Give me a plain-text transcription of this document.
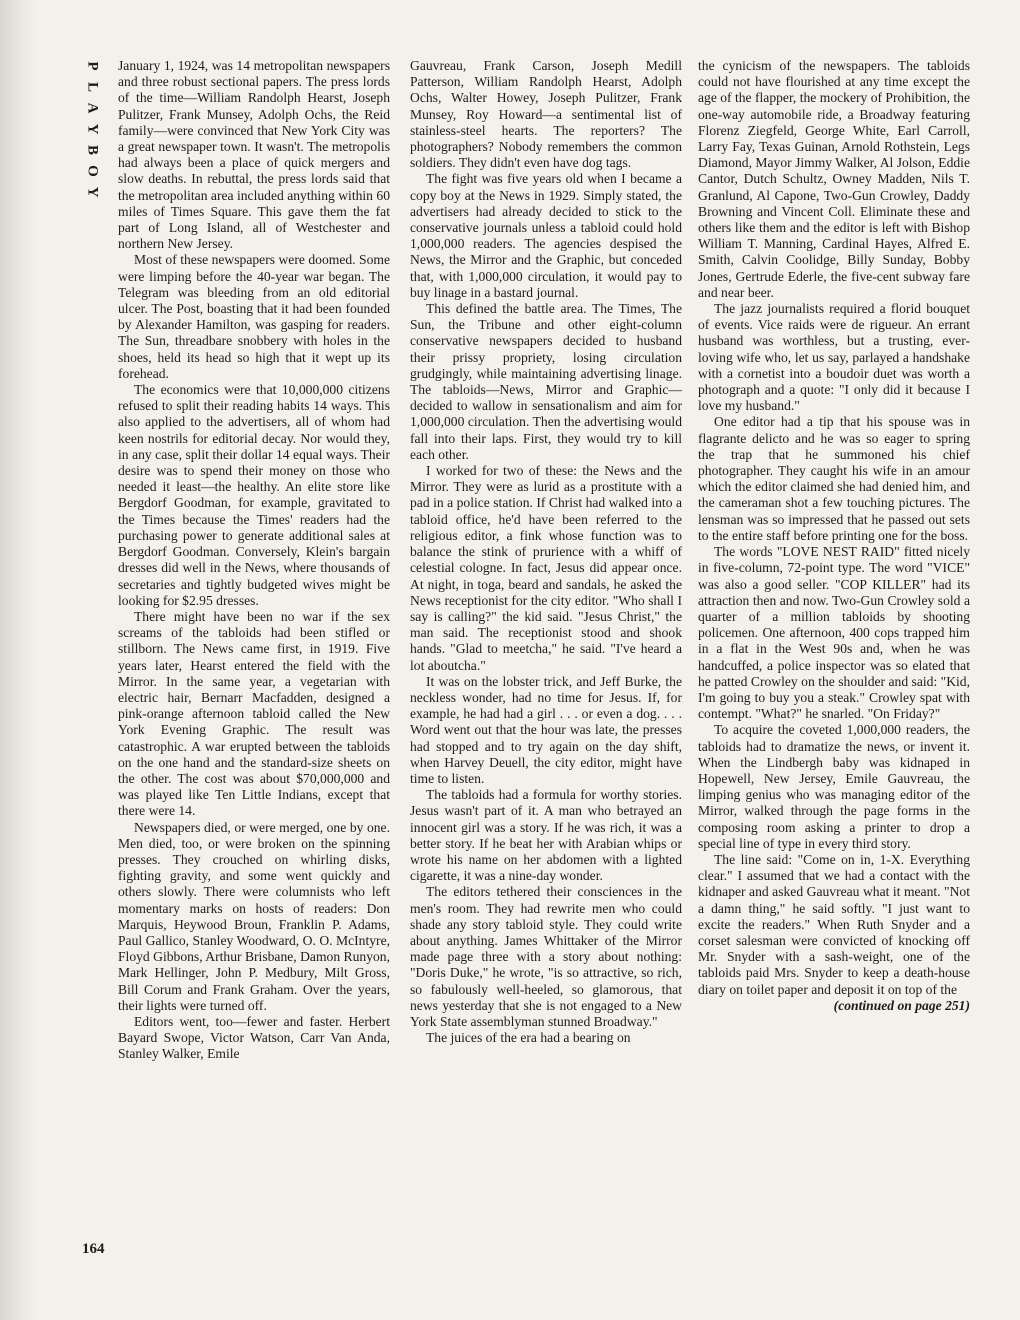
P
L
A
Y
B
O
Y

January 1, 1924, was 14 metropolitan newspapers and three robust sectional papers. The press lords of the time—William Randolph Hearst, Joseph Pulitzer, Frank Munsey, Adolph Ochs, the Reid family—were convinced that New York City was a great newspaper town. It wasn't. The metropolis had always been a place of quick mergers and slow deaths. In rebuttal, the press lords said that the metropolitan area included anything within 60 miles of Times Square. This gave them the fat part of Long Island, all of Westchester and northern New Jersey.

Most of these newspapers were doomed. Some were limping before the 40-year war began. The Telegram was bleeding from an old editorial ulcer. The Post, boasting that it had been founded by Alexander Hamilton, was gasping for readers. The Sun, threadbare snobbery with holes in the shoes, held its head so high that it wept up its forehead.

The economics were that 10,000,000 citizens refused to split their reading habits 14 ways. This also applied to the advertisers, all of whom had keen nostrils for editorial decay. Nor would they, in any case, split their dollar 14 equal ways. Their desire was to spend their money on those who needed it least—the healthy. An elite store like Bergdorf Goodman, for example, gravitated to the Times because the Times' readers had the purchasing power to generate additional sales at Bergdorf Goodman. Conversely, Klein's bargain dresses did well in the News, where thousands of secretaries and tightly budgeted wives might be looking for $2.95 dresses.

There might have been no war if the sex screams of the tabloids had been stifled or stillborn. The News came first, in 1919. Five years later, Hearst entered the field with the Mirror. In the same year, a vegetarian with electric hair, Bernarr Macfadden, designed a pink-orange afternoon tabloid called the New York Evening Graphic. The result was catastrophic. A war erupted between the tabloids on the one hand and the standard-size sheets on the other. The cost was about $70,000,000 and was played like Ten Little Indians, except that there were 14.

Newspapers died, or were merged, one by one. Men died, too, or were broken on the spinning presses. They crouched on whirling disks, fighting gravity, and some went quickly and others slowly. There were columnists who left momentary marks on hosts of readers: Don Marquis, Heywood Broun, Franklin P. Adams, Paul Gallico, Stanley Woodward, O. O. McIntyre, Floyd Gibbons, Arthur Brisbane, Damon Runyon, Mark Hellinger, John P. Medbury, Milt Gross, Bill Corum and Frank Graham. Over the years, their lights were turned off.

Editors went, too—fewer and faster. Herbert Bayard Swope, Victor Watson, Carr Van Anda, Stanley Walker, Emile

Gauvreau, Frank Carson, Joseph Medill Patterson, William Randolph Hearst, Adolph Ochs, Walter Howey, Joseph Pulitzer, Frank Munsey, Roy Howard—a sentimental list of stainless-steel hearts. The reporters? The photographers? Nobody remembers the common soldiers. They didn't even have dog tags.

The fight was five years old when I became a copy boy at the News in 1929. Simply stated, the advertisers had already decided to stick to the conservative journals unless a tabloid could hold 1,000,000 readers. The agencies despised the News, the Mirror and the Graphic, but conceded that, with 1,000,000 circulation, it would pay to buy linage in a bastard journal.

This defined the battle area. The Times, The Sun, the Tribune and other eight-column conservative newspapers decided to husband their prissy propriety, losing circulation grudgingly, while maintaining advertising linage. The tabloids—News, Mirror and Graphic—decided to wallow in sensationalism and aim for 1,000,000 circulation. Then the advertising would fall into their laps. First, they would try to kill each other.

I worked for two of these: the News and the Mirror. They were as lurid as a prostitute with a pad in a police station. If Christ had walked into a tabloid office, he'd have been referred to the religious editor, a fink whose function was to balance the stink of prurience with a whiff of celestial cologne. In fact, Jesus did appear once. At night, in toga, beard and sandals, he asked the News receptionist for the city editor. "Who shall I say is calling?" the kid said. "Jesus Christ," the man said. The receptionist stood and shook hands. "Glad to meetcha," he said. "I've heard a lot aboutcha."

It was on the lobster trick, and Jeff Burke, the neckless wonder, had no time for Jesus. If, for example, he had had a girl . . . or even a dog. . . . Word went out that the hour was late, the presses had stopped and to try again on the day shift, when Harvey Deuell, the city editor, might have time to listen.

The tabloids had a formula for worthy stories. Jesus wasn't part of it. A man who betrayed an innocent girl was a story. If he was rich, it was a better story. If he beat her with Arabian whips or wrote his name on her abdomen with a lighted cigarette, it was a nine-day wonder.

The editors tethered their consciences in the men's room. They had rewrite men who could shade any story tabloid style. They could write about anything. James Whittaker of the Mirror made page three with a story about nothing: "Doris Duke," he wrote, "is so attractive, so rich, so fabulously well-heeled, so glamorous, that news yesterday that she is not engaged to a New York State assemblyman stunned Broadway."

The juices of the era had a bearing on

the cynicism of the newspapers. The tabloids could not have flourished at any time except the age of the flapper, the mockery of Prohibition, the one-way automobile ride, a Broadway featuring Florenz Ziegfeld, George White, Earl Carroll, Larry Fay, Texas Guinan, Arnold Rothstein, Legs Diamond, Mayor Jimmy Walker, Al Jolson, Eddie Cantor, Dutch Schultz, Owney Madden, Nils T. Granlund, Al Capone, Two-Gun Crowley, Daddy Browning and Vincent Coll. Eliminate these and others like them and the editor is left with Bishop William T. Manning, Cardinal Hayes, Alfred E. Smith, Calvin Coolidge, Billy Sunday, Bobby Jones, Gertrude Ederle, the five-cent subway fare and near beer.

The jazz journalists required a florid bouquet of events. Vice raids were de rigueur. An errant husband was worthless, but a trusting, ever-loving wife who, let us say, parlayed a handshake with a cornetist into a boudoir duet was worth a photograph and a quote: "I only did it because I love my husband."

One editor had a tip that his spouse was in flagrante delicto and he was so eager to spring the trap that he summoned his chief photographer. They caught his wife in an amour which the editor claimed she had denied him, and the cameraman shot a few touching pictures. The lensman was so impressed that he passed out sets to the entire staff before printing one for the boss.

The words "LOVE NEST RAID" fitted nicely in five-column, 72-point type. The word "VICE" was also a good seller. "COP KILLER" had its attraction then and now. Two-Gun Crowley sold a quarter of a million tabloids by shooting policemen. One afternoon, 400 cops trapped him in a flat in the West 90s and, when he was handcuffed, a police inspector was so elated that he patted Crowley on the shoulder and said: "Kid, I'm going to buy you a steak." Crowley spat with contempt. "What?" he snarled. "On Friday?"

To acquire the coveted 1,000,000 readers, the tabloids had to dramatize the news, or invent it. When the Lindbergh baby was kidnaped in Hopewell, New Jersey, Emile Gauvreau, the limping genius who was managing editor of the Mirror, walked through the page forms in the composing room asking a printer to drop a special line of type in every third story.

The line said: "Come on in, 1-X. Everything clear." I assumed that we had a contact with the kidnaper and asked Gauvreau what it meant. "Not a damn thing," he said softly. "I just want to excite the readers." When Ruth Snyder and a corset salesman were convicted of knocking off Mr. Snyder with a sash-weight, one of the tabloids paid Mrs. Snyder to keep a death-house diary on toilet paper and deposit it on top of the

(continued on page 251)

164
